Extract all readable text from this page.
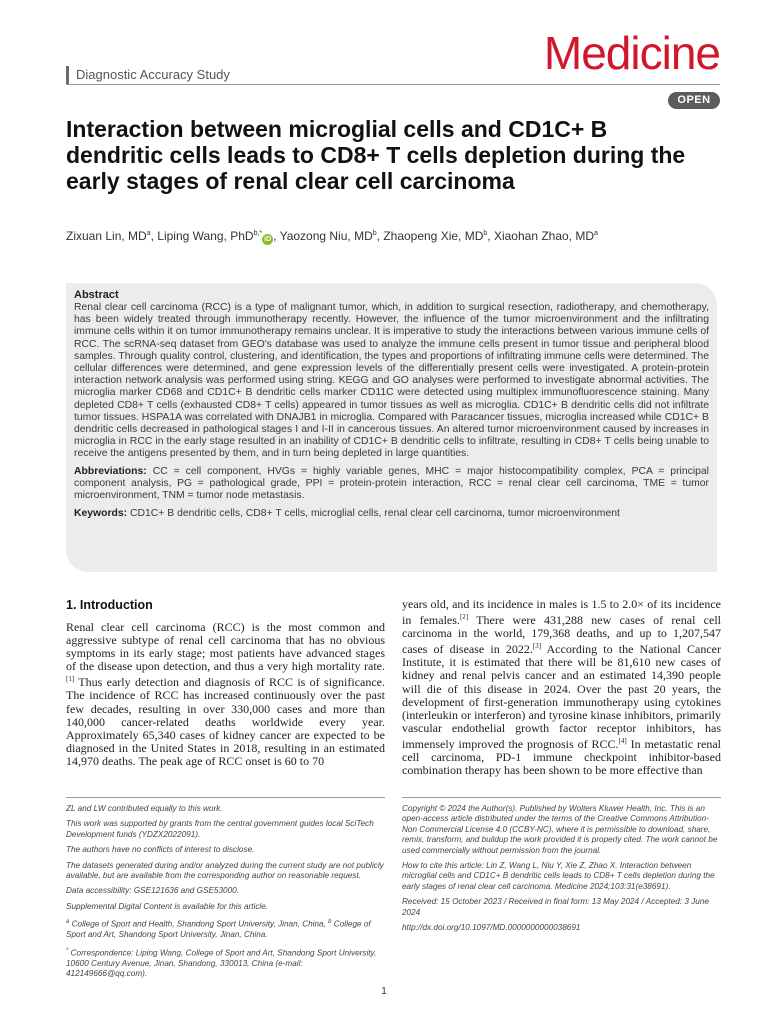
Diagnostic Accuracy Study	Medicine
OPEN
Interaction between microglial cells and CD1C+ B dendritic cells leads to CD8+ T cells depletion during the early stages of renal clear cell carcinoma
Zixuan Lin, $MD^a$, Liping Wang, PhD$^{b,*}$iD , Yaozong Niu, $MD^b$, Zhaopeng Xie, $MD^b$, Xiaohan Zhao, $MD^a$
Abstract

Renal clear cell carcinoma (RCC) is a type of malignant tumor, which, in addition to surgical resection, radiotherapy, and chemotherapy, has been widely treated through immunotherapy recently. However, the influence of the tumor microenvironment and the infiltrating immune cells within it on tumor immunotherapy remains unclear. It is imperative to study the interactions between various immune cells of RCC. The scRNA-seq dataset from GEO's database was used to analyze the immune cells present in tumor tissue and peripheral blood samples. Through quality control, clustering, and identification, the types and proportions of infiltrating immune cells were determined. The cellular differences were determined, and gene expression levels of the differentially present cells were investigated. A protein-protein interaction network analysis was performed using string. KEGG and GO analyses were performed to investigate abnormal activities. The microglia marker CD68 and CD1C+ B dendritic cells marker CD11C were detected using multiplex immunofluorescence staining. Many depleted CD8+ T cells (exhausted CD8+ T cells) appeared in tumor tissues as well as microglia. CD1C+ B dendritic cells did not infiltrate tumor tissues. HSPA1A was correlated with DNAJB1 in microglia. Compared with Paracancer tissues, microglia increased while CD1C+ B dendritic cells decreased in pathological stages I and I-II in cancerous tissues. An altered tumor microenvironment caused by increases in microglia in RCC in the early stage resulted in an inability of CD1C+ B dendritic cells to infiltrate, resulting in CD8+ T cells being unable to receive the antigens presented by them, and in turn being depleted in large quantities.

Abbreviations: CC = cell component, HVGs = highly variable genes, MHC = major histocompatibility complex, PCA = principal component analysis, PG = pathological grade, PPI = protein-protein interaction, RCC = renal clear cell carcinoma, TME = tumor microenvironment, TNM = tumor node metastasis.

Keywords: CD1C+ B dendritic cells, CD8+ T cells, microglial cells, renal clear cell carcinoma, tumor microenvironment

1. Introduction

Renal clear cell carcinoma (RCC) is the most common and aggressive subtype of renal cell carcinoma that has no obvious symptoms in its early stage; most patients have advanced stages of the disease upon detection, and thus a very high mortality rate.[1] Thus early detection and diagnosis of RCC is of significance. The incidence of RCC has increased continuously over the past few decades, resulting in over 330,000 cases and more than 140,000 cancer-related deaths worldwide every year. Approximately 65,340 cases of kidney cancer are expected to be diagnosed in the United States in 2018, resulting in an estimated 14,970 deaths. The peak age of RCC onset is 60 to 70

years old, and its incidence in males is 1.5 to 2.0× of its incidence in females.[2] There were 431,288 new cases of renal cell carcinoma in the world, 179,368 deaths, and up to 1,207,547 cases of disease in 2022.[3] According to the National Cancer Institute, it is estimated that there will be 81,610 new cases of kidney and renal pelvis cancer and an estimated 14,390 people will die of this disease in 2024. Over the past 20 years, the development of first-generation immunotherapy using cytokines (interleukin or interferon) and tyrosine kinase inhibitors, primarily vascular endothelial growth factor receptor inhibitors, has immensely improved the prognosis of RCC.[4] In metastatic renal cell carcinoma, PD-1 immune checkpoint inhibitor-based combination therapy has been shown to be more effective than

ZL and LW contributed equally to this work.

This work was supported by grants from the central government guides local SciTech Development funds (YDZX2022091).

The authors have no conflicts of interest to disclose.

The datasets generated during and/or analyzed during the current study are not publicly available, but are available from the corresponding author on reasonable request.

Data accessibility: GSE121636 and GSE53000.

Supplemental Digital Content is available for this article.

$^a$ College of Sport and Health, Shandong Sport University, Jinan, China, $^b$ College of Sport and Art, Shandong Sport University, Jinan, China.

* Correspondence: Liping Wang, College of Sport and Art, Shandong Sport University, 10600 Century Avenue, Jinan, Shandong, 330013, China (e-mail: 412149666@qq.com).

Copyright © 2024 the Author(s). Published by Wolters Kluwer Health, Inc. This is an open-access article distributed under the terms of the Creative Commons Attribution-Non Commercial License 4.0 (CCBY-NC), where it is permissible to download, share, remix, transform, and buildup the work provided it is properly cited. The work cannot be used commercially without permission from the journal.

How to cite this article: Lin Z, Wang L, Niu Y, Xie Z, Zhao X. Interaction between microglial cells and CD1C+ B dendritic cells leads to CD8+ T cells depletion during the early stages of renal clear cell carcinoma. Medicine 2024;103:31(e38691).

Received: 15 October 2023 / Received in final form: 13 May 2024 / Accepted: 3 June 2024

http://dx.doi.org/10.1097/MD.0000000000038691

1
